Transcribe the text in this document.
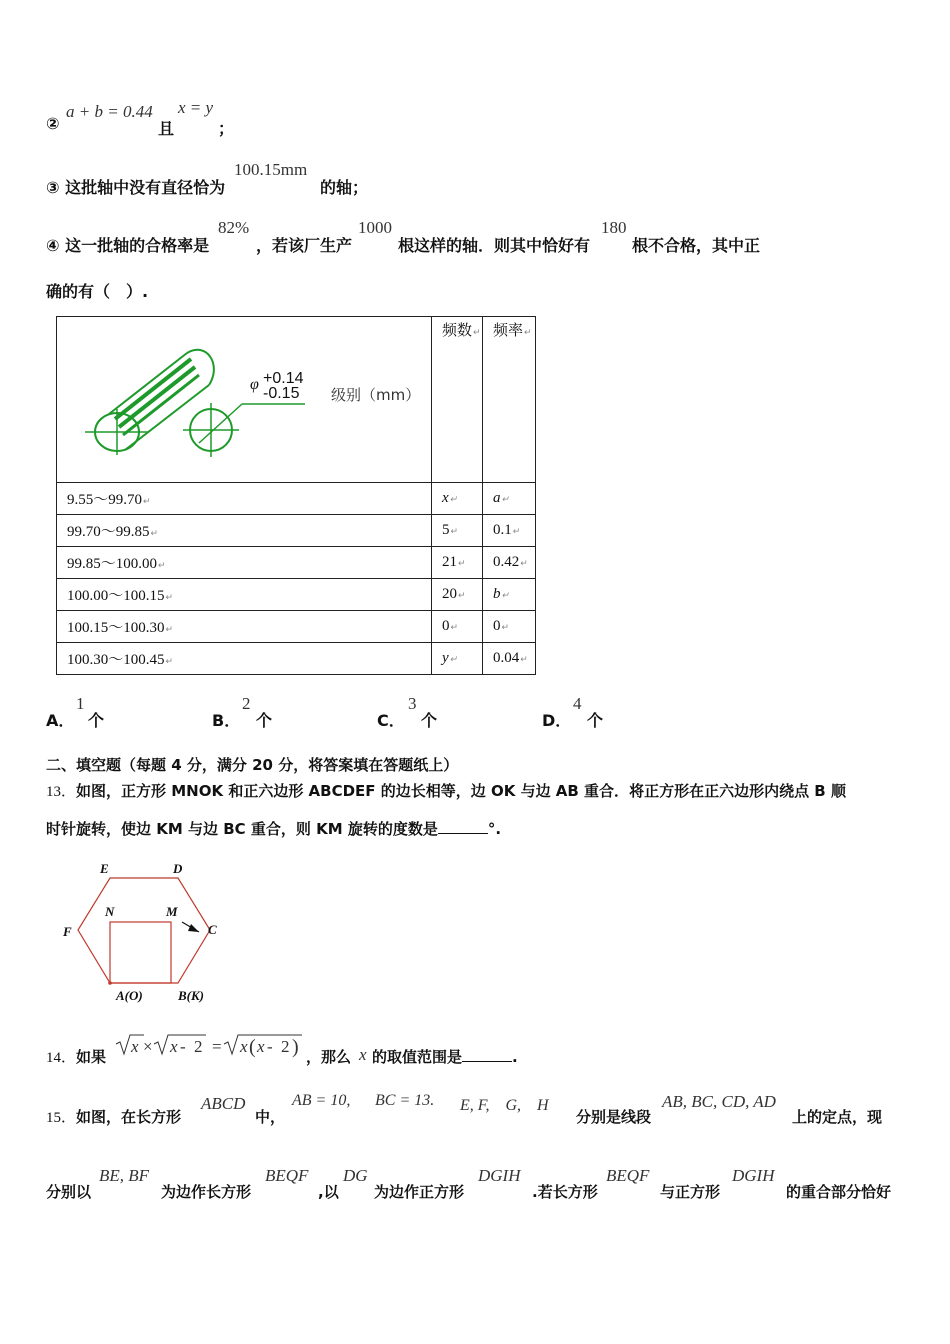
②
a + b = 0.44
且
x = y
；
③ 这批轴中没有直径恰为
100.15mm
的轴；
④ 这一批轴的合格率是
82%
，若该厂生产
1000
根这样的轴．则其中恰好有
180
根不合格，其中正
确的有（　）.
φ +0.14
-0.15 级别（mm）	频数↵	频率↵
9.55～99.70↵	x↵	a↵
99.70～99.85↵	5↵	0.1↵
99.85～100.00↵	21↵	0.42↵
100.00～100.15↵	20↵	b↵
100.15～100.30↵	0↵	0↵
100.30～100.45↵	y↵	0.04↵
A．
1
个	B．
2
个	C．
3
个	D．
4
个
二、填空题（每题 4 分，满分 20 分，将答案填在答题纸上）
13．如图，正方形 MNOK 和正六边形 ABCDEF 的边长相等，边 OK 与边 AB 重合．将正方形在正六边形内绕点 B 顺
时针旋转，使边 KM 与边 BC 重合，则 KM 旋转的度数是	°.
E	D
F	C
N	M
A(O)	B(K)
14．如果
x × x - 2 = x ( x - 2 ) ，那么 x 的取值范围是	.
15．如图，在长方形
ABCD
中，
AB = 10, BC = 13. E, F,　G,　H
分别是线段
AB, BC, CD, AD
上的定点，现
分别以
BE, BF
为边作长方形
BEQF
,以
DG
为边作正方形
DGIH
.若长方形
BEQF
与正方形
DGIH
的重合部分恰好
